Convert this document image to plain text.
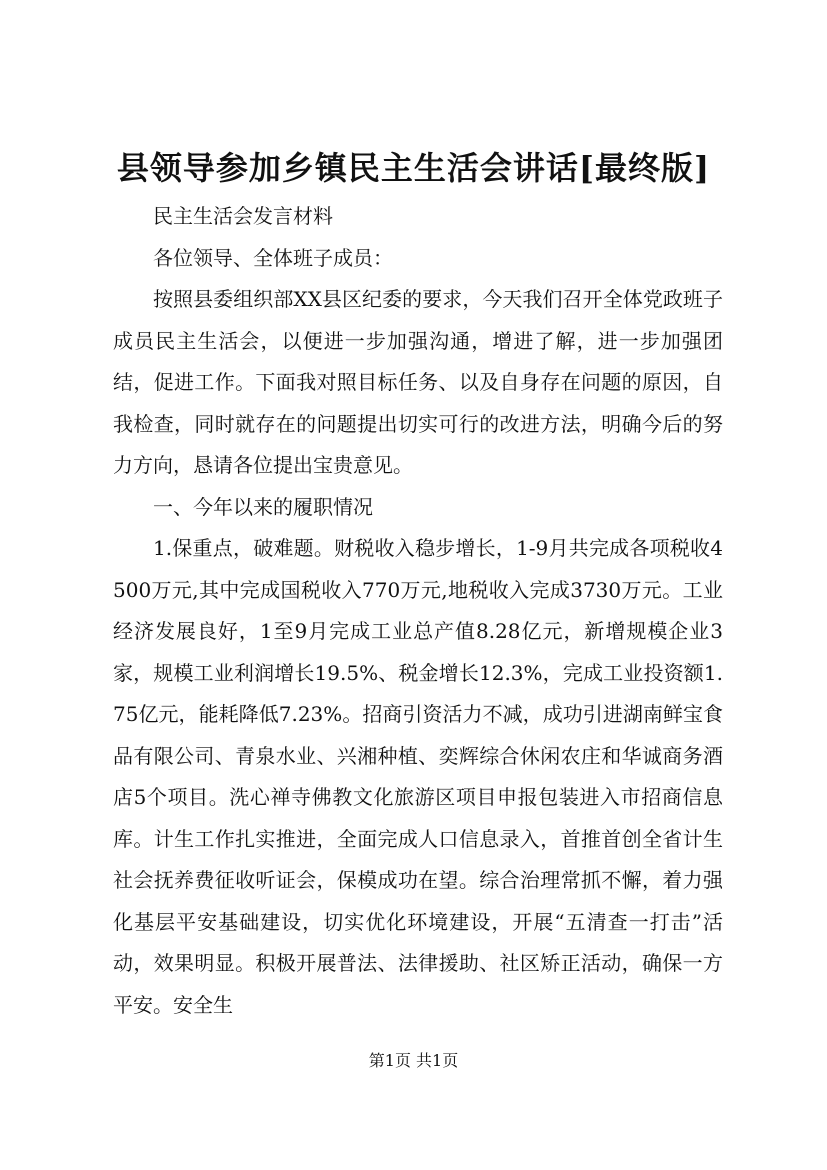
县领导参加乡镇民主生活会讲话[最终版]

民主生活会发言材料

各位领导、全体班子成员：

按照县委组织部XX县区纪委的要求，今天我们召开全体党政班子成员民主生活会，以便进一步加强沟通，增进了解，进一步加强团结，促进工作。下面我对照目标任务、以及自身存在问题的原因，自我检查，同时就存在的问题提出切实可行的改进方法，明确今后的努力方向，恳请各位提出宝贵意见。

一、今年以来的履职情况

1.保重点，破难题。财税收入稳步增长，1-9月共完成各项税收4500万元,其中完成国税收入770万元,地税收入完成3730万元。工业经济发展良好，1至9月完成工业总产值8.28亿元，新增规模企业3家，规模工业利润增长19.5%、税金增长12.3%，完成工业投资额1.75亿元，能耗降低7.23%。招商引资活力不减，成功引进湖南鲜宝食品有限公司、青泉水业、兴湘种植、奕辉综合休闲农庄和华诚商务酒店5个项目。洗心禅寺佛教文化旅游区项目申报包装进入市招商信息库。计生工作扎实推进，全面完成人口信息录入，首推首创全省计生社会抚养费征收听证会，保模成功在望。综合治理常抓不懈，着力强化基层平安基础建设，切实优化环境建设，开展“五清查一打击”活动，效果明显。积极开展普法、法律援助、社区矫正活动，确保一方平安。安全生

第1页 共1页
